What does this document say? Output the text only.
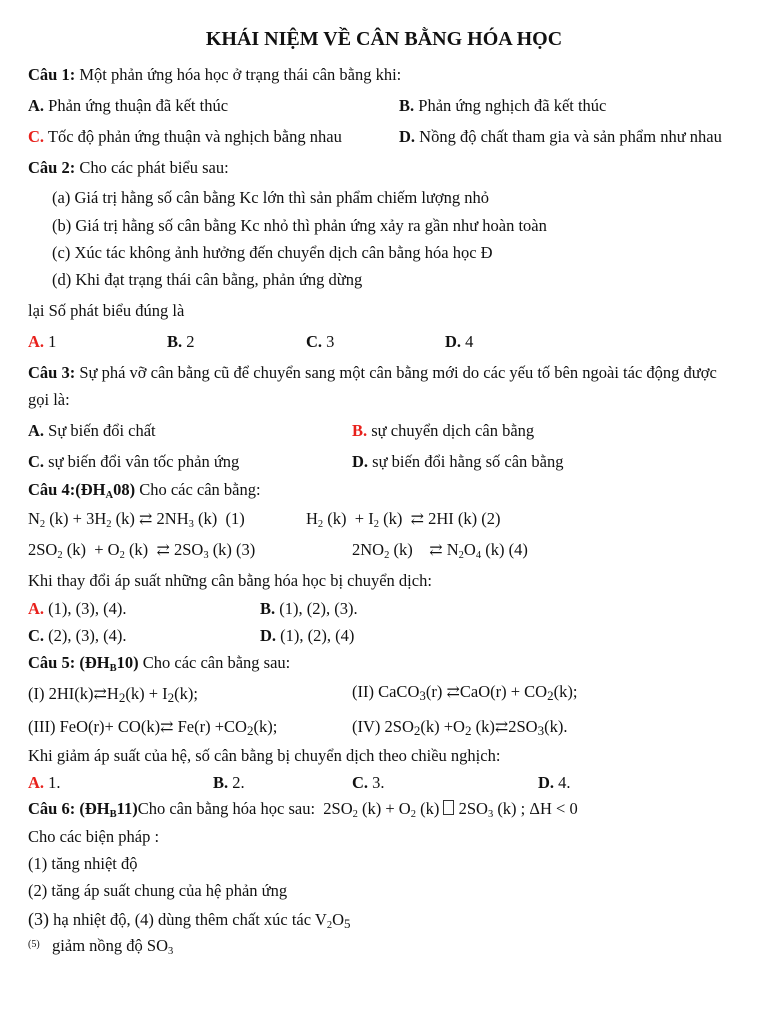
KHÁI NIỆM VỀ CÂN BẰNG HÓA HỌC
Câu 1: Một phản ứng hóa học ở trạng thái cân bằng khi:
A. Phản ứng thuận đã kết thúc	B. Phản ứng nghịch đã kết thúc
C. Tốc độ phản ứng thuận và nghịch bằng nhau	D. Nồng độ chất tham gia và sản phẩm như nhau
Câu 2: Cho các phát biểu sau:
(a) Giá trị hằng số cân bằng Kc lớn thì sản phẩm chiếm lượng nhỏ
(b) Giá trị hằng số cân bằng Kc nhỏ thì phản ứng xảy ra gần như hoàn toàn
(c) Xúc tác không ảnh hưởng đến chuyển dịch cân bằng hóa học Đ
(d) Khi đạt trạng thái cân bằng, phản ứng dừng
lại Số phát biểu đúng là
A. 1	B. 2	C. 3	D. 4
Câu 3: Sự phá vỡ cân bằng cũ để chuyển sang một cân bằng mới do các yếu tố bên ngoài tác động được
gọi là:
A. Sự biến đổi chất	B. sự chuyển dịch cân bằng
C. sự biến đổi vân tốc phản ứng	D. sự biến đổi hằng số cân bằng
Câu $4:(ĐH_A08)$ Cho các cân bằng:
$N_2$ $(k) + 3H_2$ (k) ⇄ $2NH_3$ (k)  (1)	$H_2$ $(k) + I_2$ (k)  ⇄ 2HI (k) (2)
$2SO_2$ $(k) + O_2$ (k)  ⇄ $2SO_3$ (k) (3)	$2NO_2$ (k)    ⇄ $N_2O_4$ (k) (4)
Khi thay đổi áp suất những cân bằng hóa học bị chuyển dịch:
A. (1), (3), (4).	B. (1), (2), (3).
C. (2), (3), (4).	D. (1), (2), (4)
Câu 5: $(ĐH_B10)$ Cho các cân bằng sau:
(I) 2HI(k)⇄H2(k) + I2(k);	(II) CaCO3(r) ⇄CaO(r) + CO2(k);
(III) FeO(r)+ CO(k)⇄ Fe(r) +CO2(k);	(IV) 2SO2(k) +O2 (k)⇄2SO3(k).
Khi giảm áp suất của hệ, số cân bằng bị chuyển dịch theo chiều nghịch:
A. 1.	B. 2.	C. 3.	D. 4.
Câu 6: $(ĐH_B11)Cho$ cân bằng hóa học sau:  $2SO_2$ $(k) + O_2$ (k)  $2SO_3$ (k) ; ΔH < 0
Cho các biện pháp :
(1) tăng nhiệt độ
(2) tăng áp suất chung của hệ phản ứng
(3) hạ nhiệt độ, (4) dùng thêm chất xúc tác $V_2O5$
$^{(5)}$ giảm nồng độ $SO_3$
